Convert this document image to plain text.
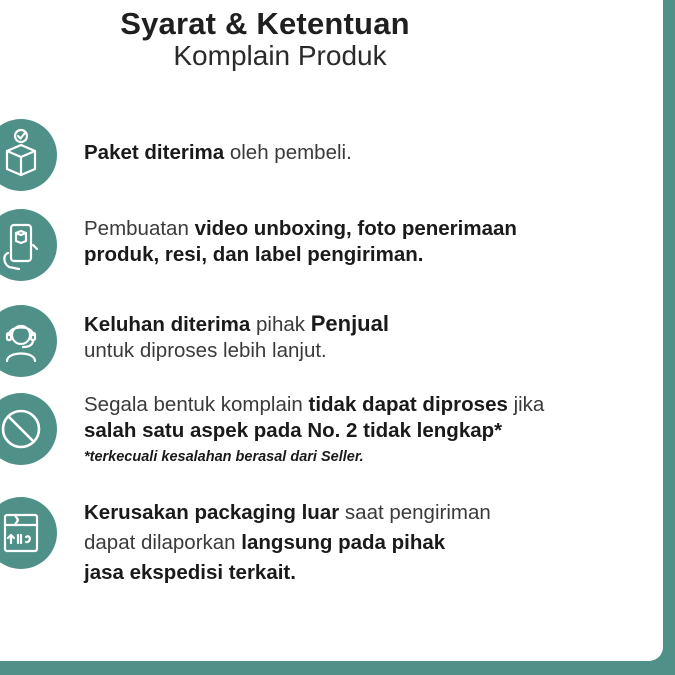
Syarat & Ketentuan
Komplain Produk
Paket diterima oleh pembeli.
Pembuatan video unboxing, foto penerimaan
produk, resi, dan label pengiriman.
Keluhan diterima pihak Penjual
untuk diproses lebih lanjut.
Segala bentuk komplain tidak dapat diproses jika
salah satu aspek pada No. 2 tidak lengkap*
*terkecuali kesalahan berasal dari Seller.
Kerusakan packaging luar saat pengiriman
dapat dilaporkan langsung pada pihak
jasa ekspedisi terkait.
